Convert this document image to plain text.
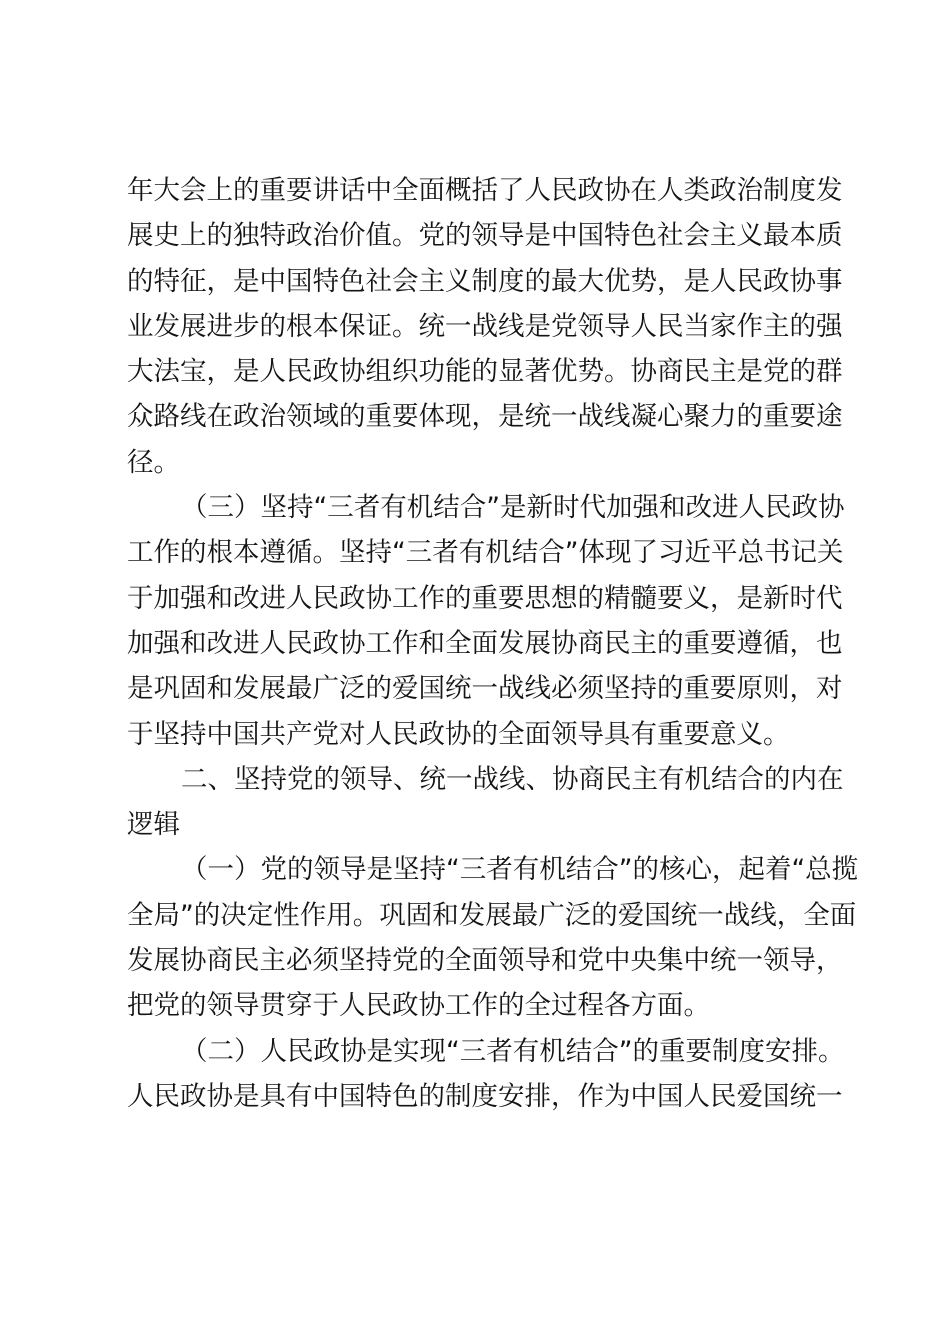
年大会上的重要讲话中全面概括了人民政协在人类政治制度发
展史上的独特政治价值。党的领导是中国特色社会主义最本质
的特征，是中国特色社会主义制度的最大优势，是人民政协事
业发展进步的根本保证。统一战线是党领导人民当家作主的强
大法宝，是人民政协组织功能的显著优势。协商民主是党的群
众路线在政治领域的重要体现，是统一战线凝心聚力的重要途
径。
（三）坚持“三者有机结合”是新时代加强和改进人民政协
工作的根本遵循。坚持“三者有机结合”体现了习近平总书记关
于加强和改进人民政协工作的重要思想的精髓要义，是新时代
加强和改进人民政协工作和全面发展协商民主的重要遵循，也
是巩固和发展最广泛的爱国统一战线必须坚持的重要原则，对
于坚持中国共产党对人民政协的全面领导具有重要意义。
二、坚持党的领导、统一战线、协商民主有机结合的内在
逻辑
（一）党的领导是坚持“三者有机结合”的核心，起着“总揽
全局”的决定性作用。巩固和发展最广泛的爱国统一战线，全面
发展协商民主必须坚持党的全面领导和党中央集中统一领导，
把党的领导贯穿于人民政协工作的全过程各方面。
（二）人民政协是实现“三者有机结合”的重要制度安排。
人民政协是具有中国特色的制度安排，作为中国人民爱国统一
